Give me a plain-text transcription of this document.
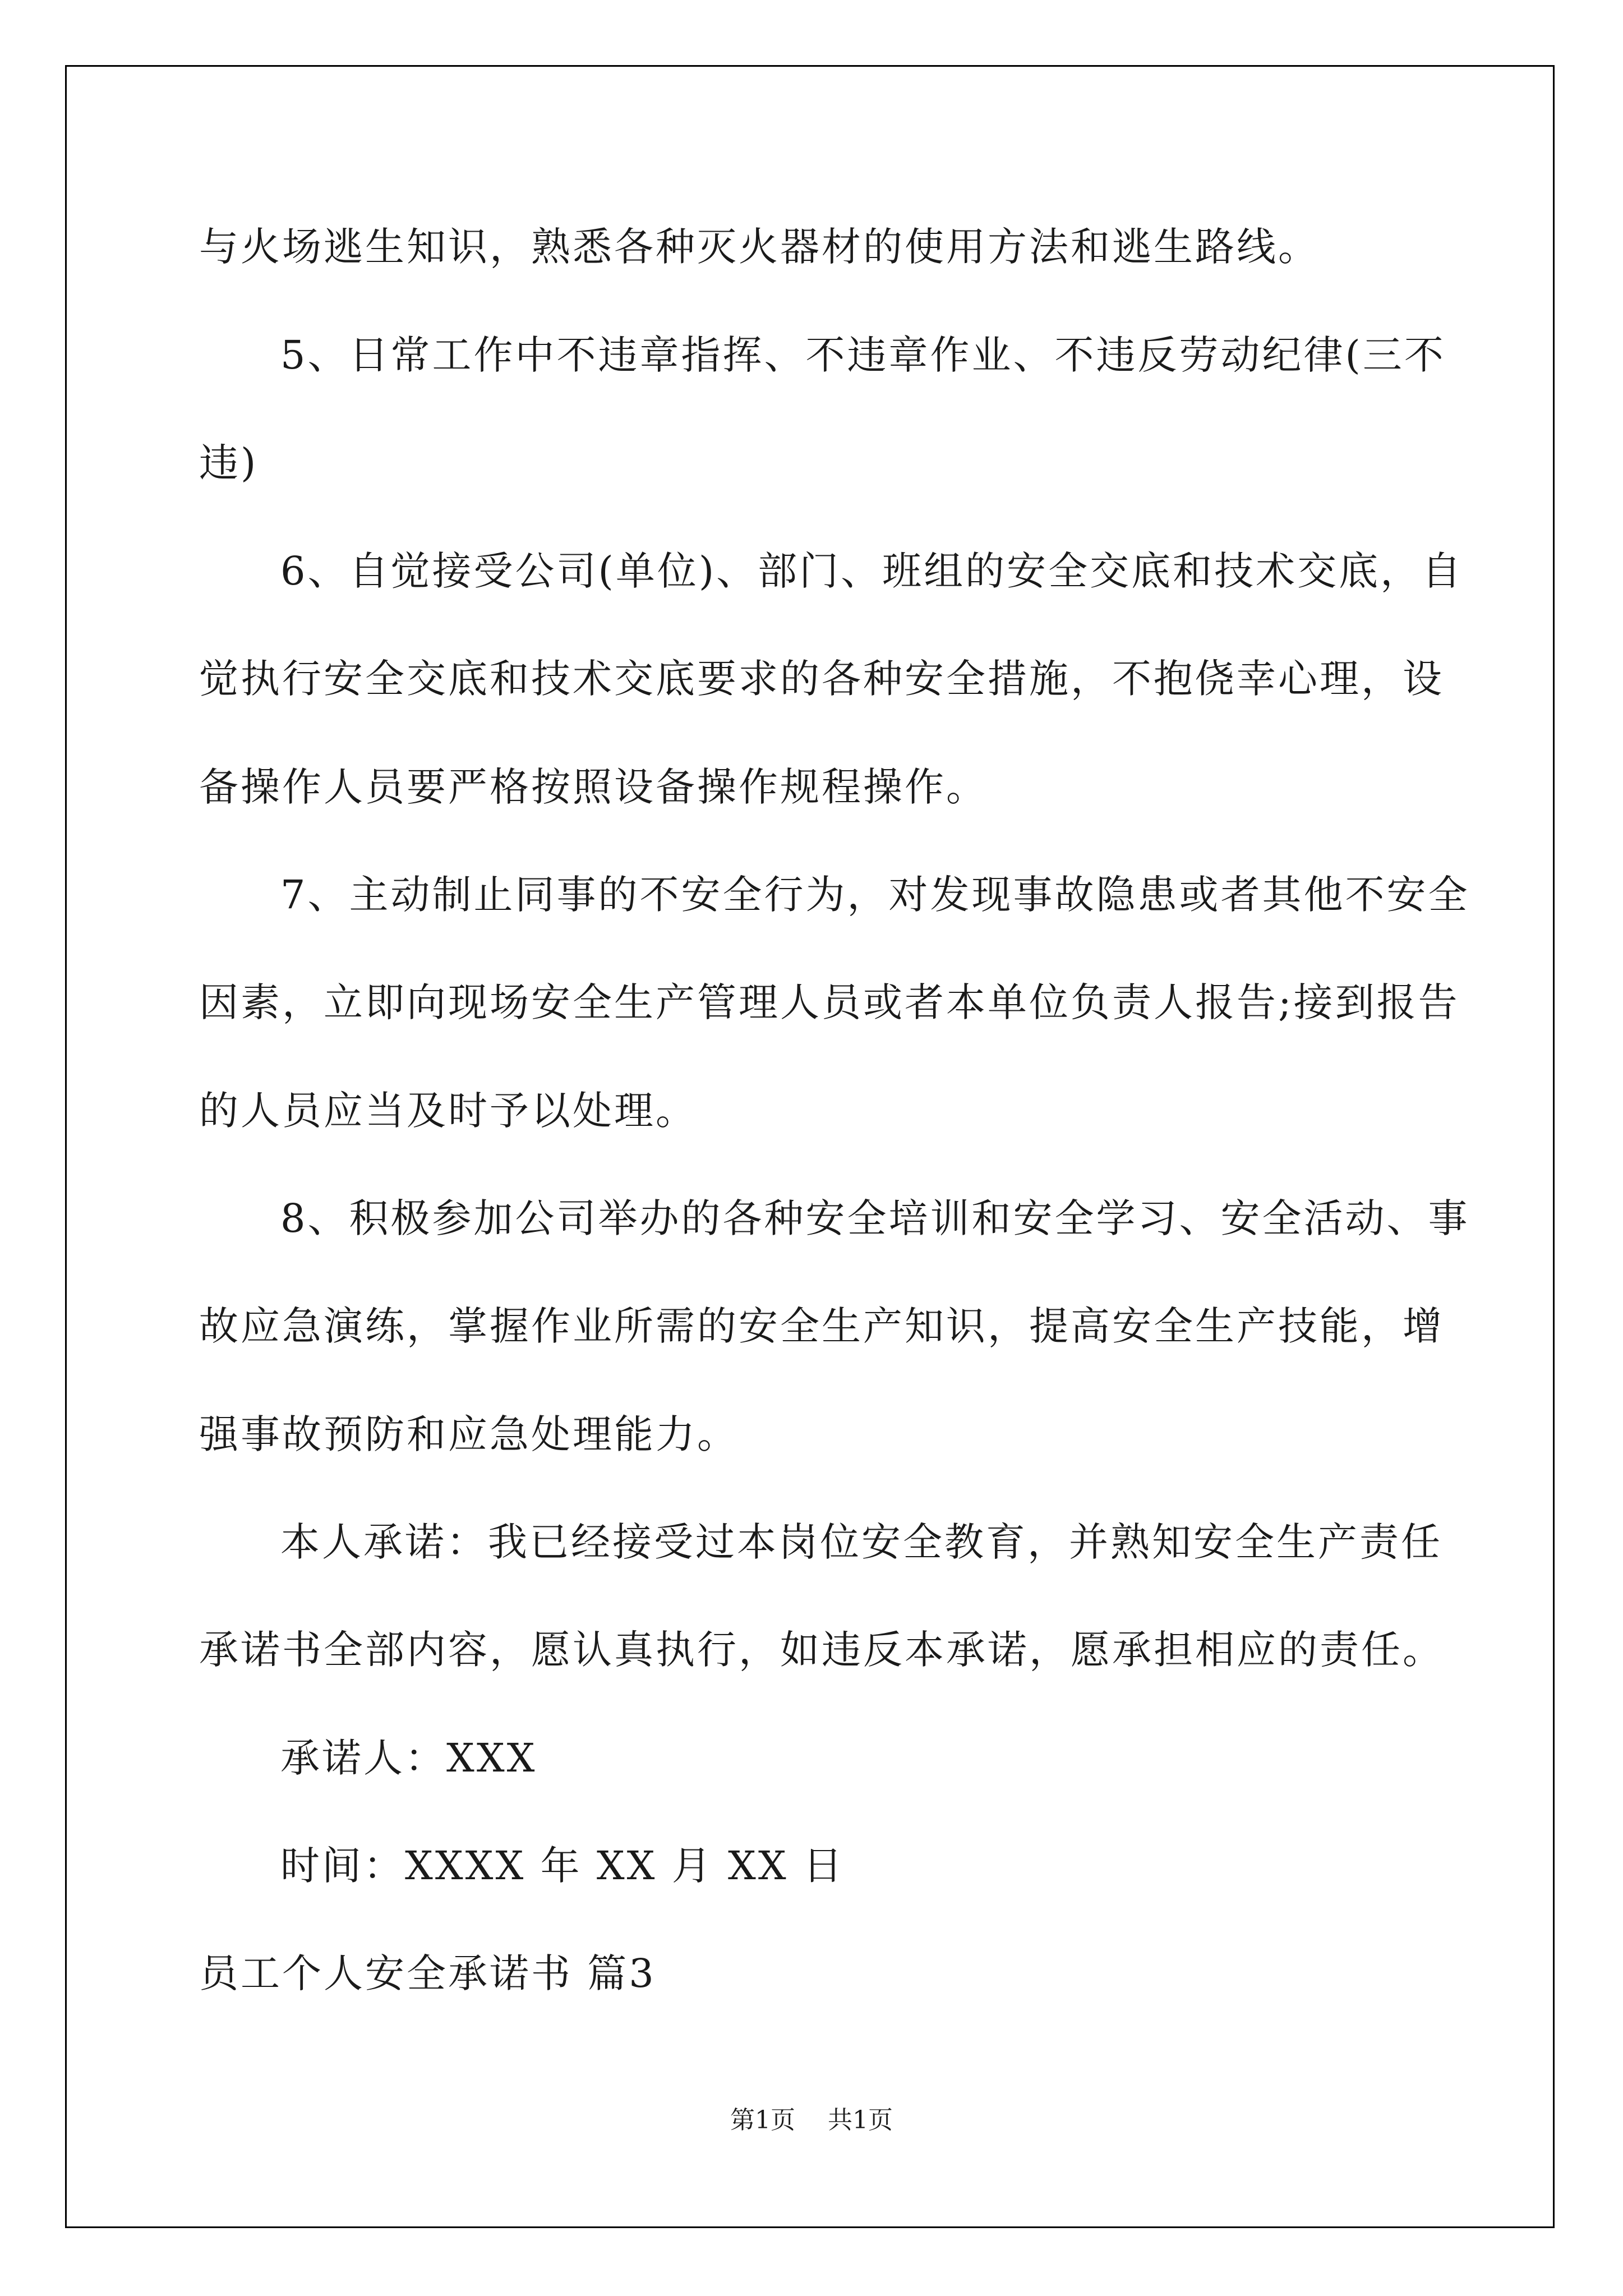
与火场逃生知识，熟悉各种灭火器材的使用方法和逃生路线。
5、日常工作中不违章指挥、不违章作业、不违反劳动纪律(三不
违)
6、自觉接受公司(单位)、部门、班组的安全交底和技术交底，自
觉执行安全交底和技术交底要求的各种安全措施，不抱侥幸心理，设
备操作人员要严格按照设备操作规程操作。
7、主动制止同事的不安全行为，对发现事故隐患或者其他不安全
因素，立即向现场安全生产管理人员或者本单位负责人报告;接到报告
的人员应当及时予以处理。
8、积极参加公司举办的各种安全培训和安全学习、安全活动、事
故应急演练，掌握作业所需的安全生产知识，提高安全生产技能，增
强事故预防和应急处理能力。
本人承诺：我已经接受过本岗位安全教育，并熟知安全生产责任
承诺书全部内容，愿认真执行，如违反本承诺，愿承担相应的责任。
承诺人：XXX
时间：XXXX 年 XX 月 XX 日
员工个人安全承诺书 篇3
第1页 共1页
